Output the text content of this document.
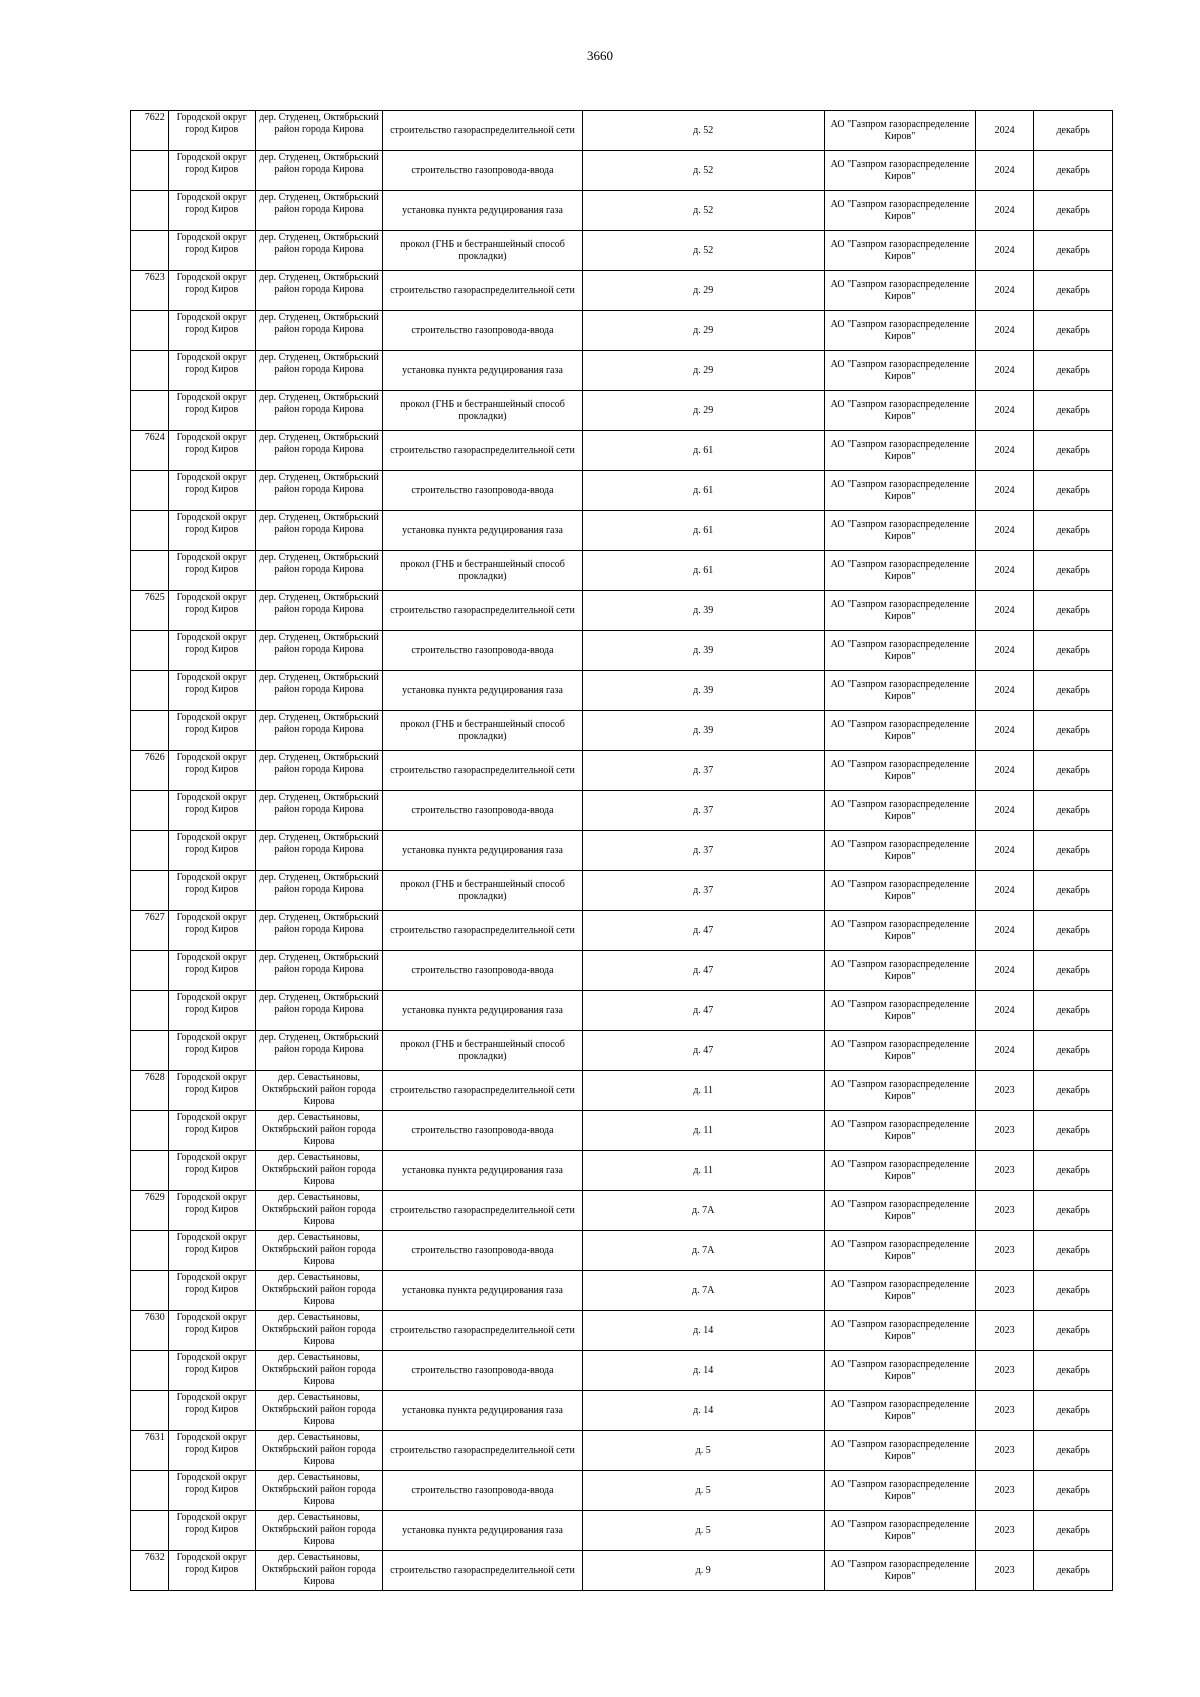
3660
7622	Городской округ город Киров	дер. Студенец, Октябрьский район города Кирова	строительство газораспределительной сети	д. 52	АО "Газпром газораспределение Киров"	2024	декабрь
	Городской округ город Киров	дер. Студенец, Октябрьский район города Кирова	строительство газопровода-ввода	д. 52	АО "Газпром газораспределение Киров"	2024	декабрь
	Городской округ город Киров	дер. Студенец, Октябрьский район города Кирова	установка пункта редуцирования газа	д. 52	АО "Газпром газораспределение Киров"	2024	декабрь
	Городской округ город Киров	дер. Студенец, Октябрьский район города Кирова	прокол (ГНБ и бестраншейный способ прокладки)	д. 52	АО "Газпром газораспределение Киров"	2024	декабрь
7623	Городской округ город Киров	дер. Студенец, Октябрьский район города Кирова	строительство газораспределительной сети	д. 29	АО "Газпром газораспределение Киров"	2024	декабрь
	Городской округ город Киров	дер. Студенец, Октябрьский район города Кирова	строительство газопровода-ввода	д. 29	АО "Газпром газораспределение Киров"	2024	декабрь
	Городской округ город Киров	дер. Студенец, Октябрьский район города Кирова	установка пункта редуцирования газа	д. 29	АО "Газпром газораспределение Киров"	2024	декабрь
	Городской округ город Киров	дер. Студенец, Октябрьский район города Кирова	прокол (ГНБ и бестраншейный способ прокладки)	д. 29	АО "Газпром газораспределение Киров"	2024	декабрь
7624	Городской округ город Киров	дер. Студенец, Октябрьский район города Кирова	строительство газораспределительной сети	д. 61	АО "Газпром газораспределение Киров"	2024	декабрь
	Городской округ город Киров	дер. Студенец, Октябрьский район города Кирова	строительство газопровода-ввода	д. 61	АО "Газпром газораспределение Киров"	2024	декабрь
	Городской округ город Киров	дер. Студенец, Октябрьский район города Кирова	установка пункта редуцирования газа	д. 61	АО "Газпром газораспределение Киров"	2024	декабрь
	Городской округ город Киров	дер. Студенец, Октябрьский район города Кирова	прокол (ГНБ и бестраншейный способ прокладки)	д. 61	АО "Газпром газораспределение Киров"	2024	декабрь
7625	Городской округ город Киров	дер. Студенец, Октябрьский район города Кирова	строительство газораспределительной сети	д. 39	АО "Газпром газораспределение Киров"	2024	декабрь
	Городской округ город Киров	дер. Студенец, Октябрьский район города Кирова	строительство газопровода-ввода	д. 39	АО "Газпром газораспределение Киров"	2024	декабрь
	Городской округ город Киров	дер. Студенец, Октябрьский район города Кирова	установка пункта редуцирования газа	д. 39	АО "Газпром газораспределение Киров"	2024	декабрь
	Городской округ город Киров	дер. Студенец, Октябрьский район города Кирова	прокол (ГНБ и бестраншейный способ прокладки)	д. 39	АО "Газпром газораспределение Киров"	2024	декабрь
7626	Городской округ город Киров	дер. Студенец, Октябрьский район города Кирова	строительство газораспределительной сети	д. 37	АО "Газпром газораспределение Киров"	2024	декабрь
	Городской округ город Киров	дер. Студенец, Октябрьский район города Кирова	строительство газопровода-ввода	д. 37	АО "Газпром газораспределение Киров"	2024	декабрь
	Городской округ город Киров	дер. Студенец, Октябрьский район города Кирова	установка пункта редуцирования газа	д. 37	АО "Газпром газораспределение Киров"	2024	декабрь
	Городской округ город Киров	дер. Студенец, Октябрьский район города Кирова	прокол (ГНБ и бестраншейный способ прокладки)	д. 37	АО "Газпром газораспределение Киров"	2024	декабрь
7627	Городской округ город Киров	дер. Студенец, Октябрьский район города Кирова	строительство газораспределительной сети	д. 47	АО "Газпром газораспределение Киров"	2024	декабрь
	Городской округ город Киров	дер. Студенец, Октябрьский район города Кирова	строительство газопровода-ввода	д. 47	АО "Газпром газораспределение Киров"	2024	декабрь
	Городской округ город Киров	дер. Студенец, Октябрьский район города Кирова	установка пункта редуцирования газа	д. 47	АО "Газпром газораспределение Киров"	2024	декабрь
	Городской округ город Киров	дер. Студенец, Октябрьский район города Кирова	прокол (ГНБ и бестраншейный способ прокладки)	д. 47	АО "Газпром газораспределение Киров"	2024	декабрь
7628	Городской округ город Киров	дер. Севастьяновы, Октябрьский район города Кирова	строительство газораспределительной сети	д. 11	АО "Газпром газораспределение Киров"	2023	декабрь
	Городской округ город Киров	дер. Севастьяновы, Октябрьский район города Кирова	строительство газопровода-ввода	д. 11	АО "Газпром газораспределение Киров"	2023	декабрь
	Городской округ город Киров	дер. Севастьяновы, Октябрьский район города Кирова	установка пункта редуцирования газа	д. 11	АО "Газпром газораспределение Киров"	2023	декабрь
7629	Городской округ город Киров	дер. Севастьяновы, Октябрьский район города Кирова	строительство газораспределительной сети	д. 7А	АО "Газпром газораспределение Киров"	2023	декабрь
	Городской округ город Киров	дер. Севастьяновы, Октябрьский район города Кирова	строительство газопровода-ввода	д. 7А	АО "Газпром газораспределение Киров"	2023	декабрь
	Городской округ город Киров	дер. Севастьяновы, Октябрьский район города Кирова	установка пункта редуцирования газа	д. 7А	АО "Газпром газораспределение Киров"	2023	декабрь
7630	Городской округ город Киров	дер. Севастьяновы, Октябрьский район города Кирова	строительство газораспределительной сети	д. 14	АО "Газпром газораспределение Киров"	2023	декабрь
	Городской округ город Киров	дер. Севастьяновы, Октябрьский район города Кирова	строительство газопровода-ввода	д. 14	АО "Газпром газораспределение Киров"	2023	декабрь
	Городской округ город Киров	дер. Севастьяновы, Октябрьский район города Кирова	установка пункта редуцирования газа	д. 14	АО "Газпром газораспределение Киров"	2023	декабрь
7631	Городской округ город Киров	дер. Севастьяновы, Октябрьский район города Кирова	строительство газораспределительной сети	д. 5	АО "Газпром газораспределение Киров"	2023	декабрь
	Городской округ город Киров	дер. Севастьяновы, Октябрьский район города Кирова	строительство газопровода-ввода	д. 5	АО "Газпром газораспределение Киров"	2023	декабрь
	Городской округ город Киров	дер. Севастьяновы, Октябрьский район города Кирова	установка пункта редуцирования газа	д. 5	АО "Газпром газораспределение Киров"	2023	декабрь
7632	Городской округ город Киров	дер. Севастьяновы, Октябрьский район города Кирова	строительство газораспределительной сети	д. 9	АО "Газпром газораспределение Киров"	2023	декабрь
